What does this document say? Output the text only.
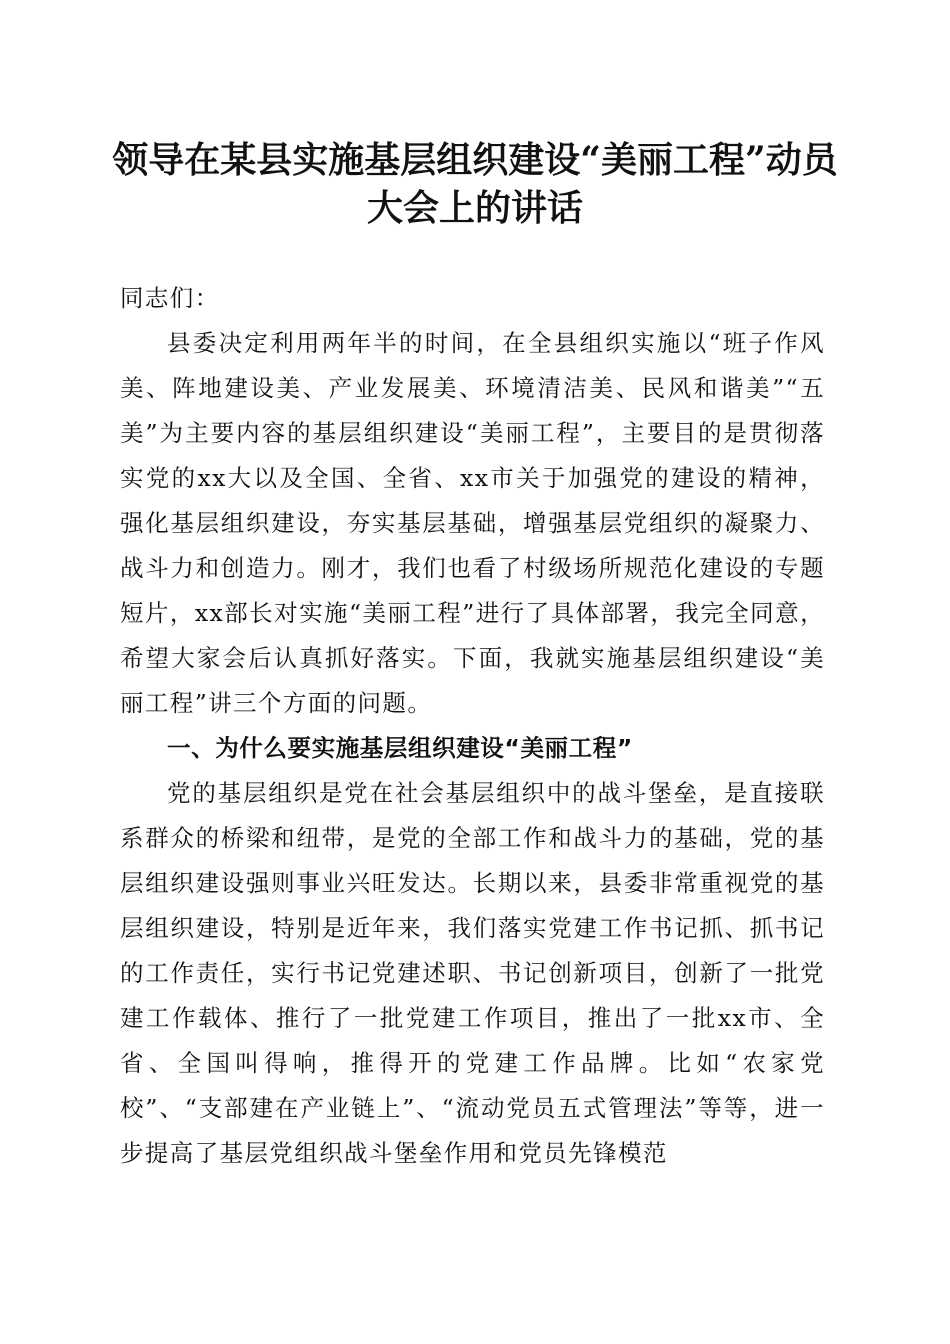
领导在某县实施基层组织建设“美丽工程”动员大会上的讲话

同志们：

县委决定利用两年半的时间，在全县组织实施以“班子作风美、阵地建设美、产业发展美、环境清洁美、民风和谐美”“五美”为主要内容的基层组织建设“美丽工程”，主要目的是贯彻落实党的xx大以及全国、全省、xx市关于加强党的建设的精神，强化基层组织建设，夯实基层基础，增强基层党组织的凝聚力、战斗力和创造力。刚才，我们也看了村级场所规范化建设的专题短片，xx部长对实施“美丽工程”进行了具体部署，我完全同意，希望大家会后认真抓好落实。下面，我就实施基层组织建设“美丽工程”讲三个方面的问题。

一、为什么要实施基层组织建设“美丽工程”

党的基层组织是党在社会基层组织中的战斗堡垒，是直接联系群众的桥梁和纽带，是党的全部工作和战斗力的基础，党的基层组织建设强则事业兴旺发达。长期以来，县委非常重视党的基层组织建设，特别是近年来，我们落实党建工作书记抓、抓书记的工作责任，实行书记党建述职、书记创新项目，创新了一批党建工作载体、推行了一批党建工作项目，推出了一批xx市、全省、全国叫得响，推得开的党建工作品牌。比如“农家党校”、“支部建在产业链上”、“流动党员五式管理法”等等，进一步提高了基层党组织战斗堡垒作用和党员先锋模范
